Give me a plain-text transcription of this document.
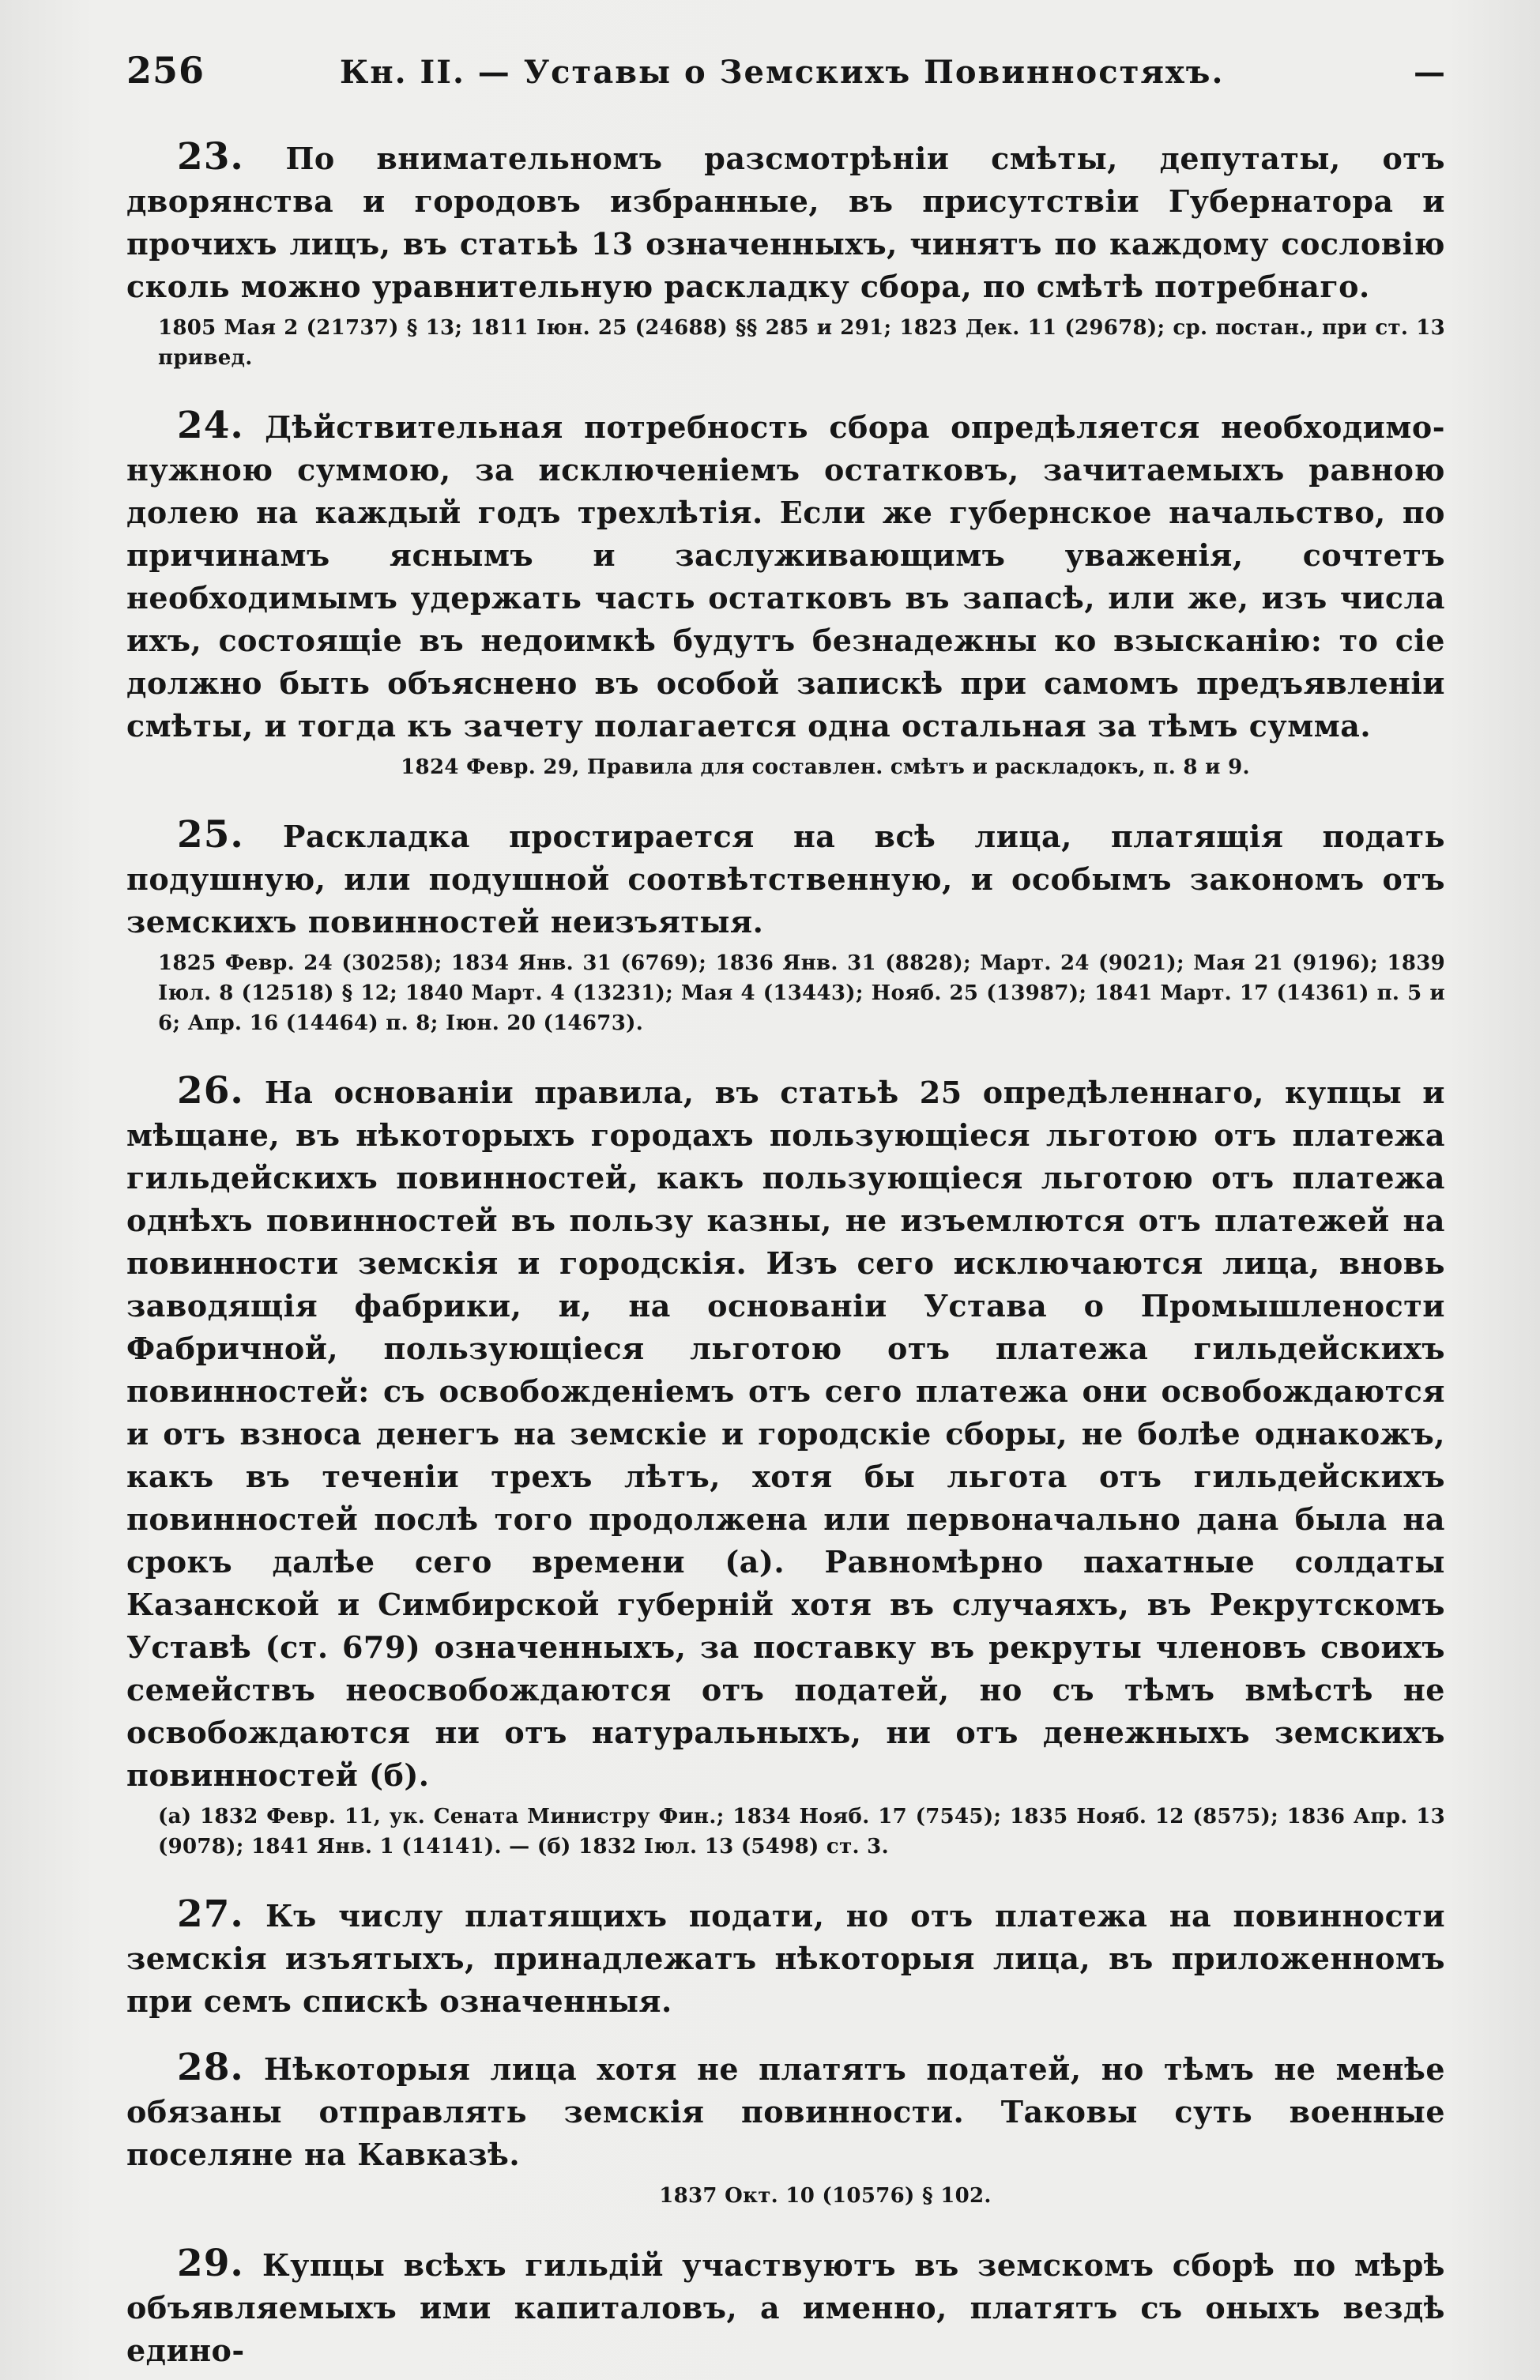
256	Кн. II. — Уставы о Земскихъ Повинностяхъ.	—

23. По внимательномъ разсмотрѣніи смѣты, депутаты, отъ дворянства и городовъ избранные, въ присутствіи Губернатора и прочихъ лицъ, въ статьѣ 13 означенныхъ, чинятъ по каждому сословію сколь можно уравнительную раскладку сбора, по смѣтѣ потребнаго.

1805 Мая 2 (21737) § 13; 1811 Іюн. 25 (24688) §§ 285 и 291; 1823 Дек. 11 (29678); ср. постан., при ст. 13 привед.

24. Дѣйствительная потребность сбора опредѣляется необходимо-нужною суммою, за исключеніемъ остатковъ, зачитаемыхъ равною долею на каждый годъ трехлѣтія. Если же губернское начальство, по причинамъ яснымъ и заслуживающимъ уваженія, сочтетъ необходимымъ удержать часть остатковъ въ запасѣ, или же, изъ числа ихъ, состоящіе въ недоимкѣ будутъ безнадежны ко взысканію: то сіе должно быть объяснено въ особой запискѣ при самомъ предъявленіи смѣты, и тогда къ зачету полагается одна остальная за тѣмъ сумма.

1824 Февр. 29, Правила для составлен. смѣтъ и раскладокъ, п. 8 и 9.

25. Раскладка простирается на всѣ лица, платящія подать подушную, или подушной соотвѣтственную, и особымъ закономъ отъ земскихъ повинностей неизъятыя.

1825 Февр. 24 (30258); 1834 Янв. 31 (6769); 1836 Янв. 31 (8828); Март. 24 (9021); Мая 21 (9196); 1839 Іюл. 8 (12518) § 12; 1840 Март. 4 (13231); Мая 4 (13443); Нояб. 25 (13987); 1841 Март. 17 (14361) п. 5 и 6; Апр. 16 (14464) п. 8; Іюн. 20 (14673).

26. На основаніи правила, въ статьѣ 25 опредѣленнаго, купцы и мѣщане, въ нѣкоторыхъ городахъ пользующіеся льготою отъ платежа гильдейскихъ повинностей, какъ пользующіеся льготою отъ платежа однѣхъ повинностей въ пользу казны, не изъемлются отъ платежей на повинности земскія и городскія. Изъ сего исключаются лица, вновь заводящія фабрики, и, на основаніи Устава о Промышлености Фабричной, пользующіеся льготою отъ платежа гильдейскихъ повинностей: съ освобожденіемъ отъ сего платежа они освобождаются и отъ взноса денегъ на земскіе и городскіе сборы, не болѣе однакожъ, какъ въ теченіи трехъ лѣтъ, хотя бы льгота отъ гильдейскихъ повинностей послѣ того продолжена или первоначально дана была на срокъ далѣе сего времени (а). Равномѣрно пахатные солдаты Казанской и Симбирской губерній хотя въ случаяхъ, въ Рекрутскомъ Уставѣ (ст. 679) означенныхъ, за поставку въ рекруты членовъ своихъ семействъ неосвобождаются отъ податей, но съ тѣмъ вмѣстѣ не освобождаются ни отъ натуральныхъ, ни отъ денежныхъ земскихъ повинностей (б).

(а) 1832 Февр. 11, ук. Сената Министру Фин.; 1834 Нояб. 17 (7545); 1835 Нояб. 12 (8575); 1836 Апр. 13 (9078); 1841 Янв. 1 (14141). — (б) 1832 Іюл. 13 (5498) ст. 3.

27. Къ числу платящихъ подати, но отъ платежа на повинности земскія изъятыхъ, принадлежатъ нѣкоторыя лица, въ приложенномъ при семъ спискѣ означенныя.

28. Нѣкоторыя лица хотя не платятъ податей, но тѣмъ не менѣе обязаны отправлять земскія повинности. Таковы суть военные поселяне на Кавказѣ.

1837 Окт. 10 (10576) § 102.

29. Купцы всѣхъ гильдій участвуютъ въ земскомъ сборѣ по мѣрѣ объявляемыхъ ими капиталовъ, а именно, платятъ съ оныхъ вездѣ едино-
